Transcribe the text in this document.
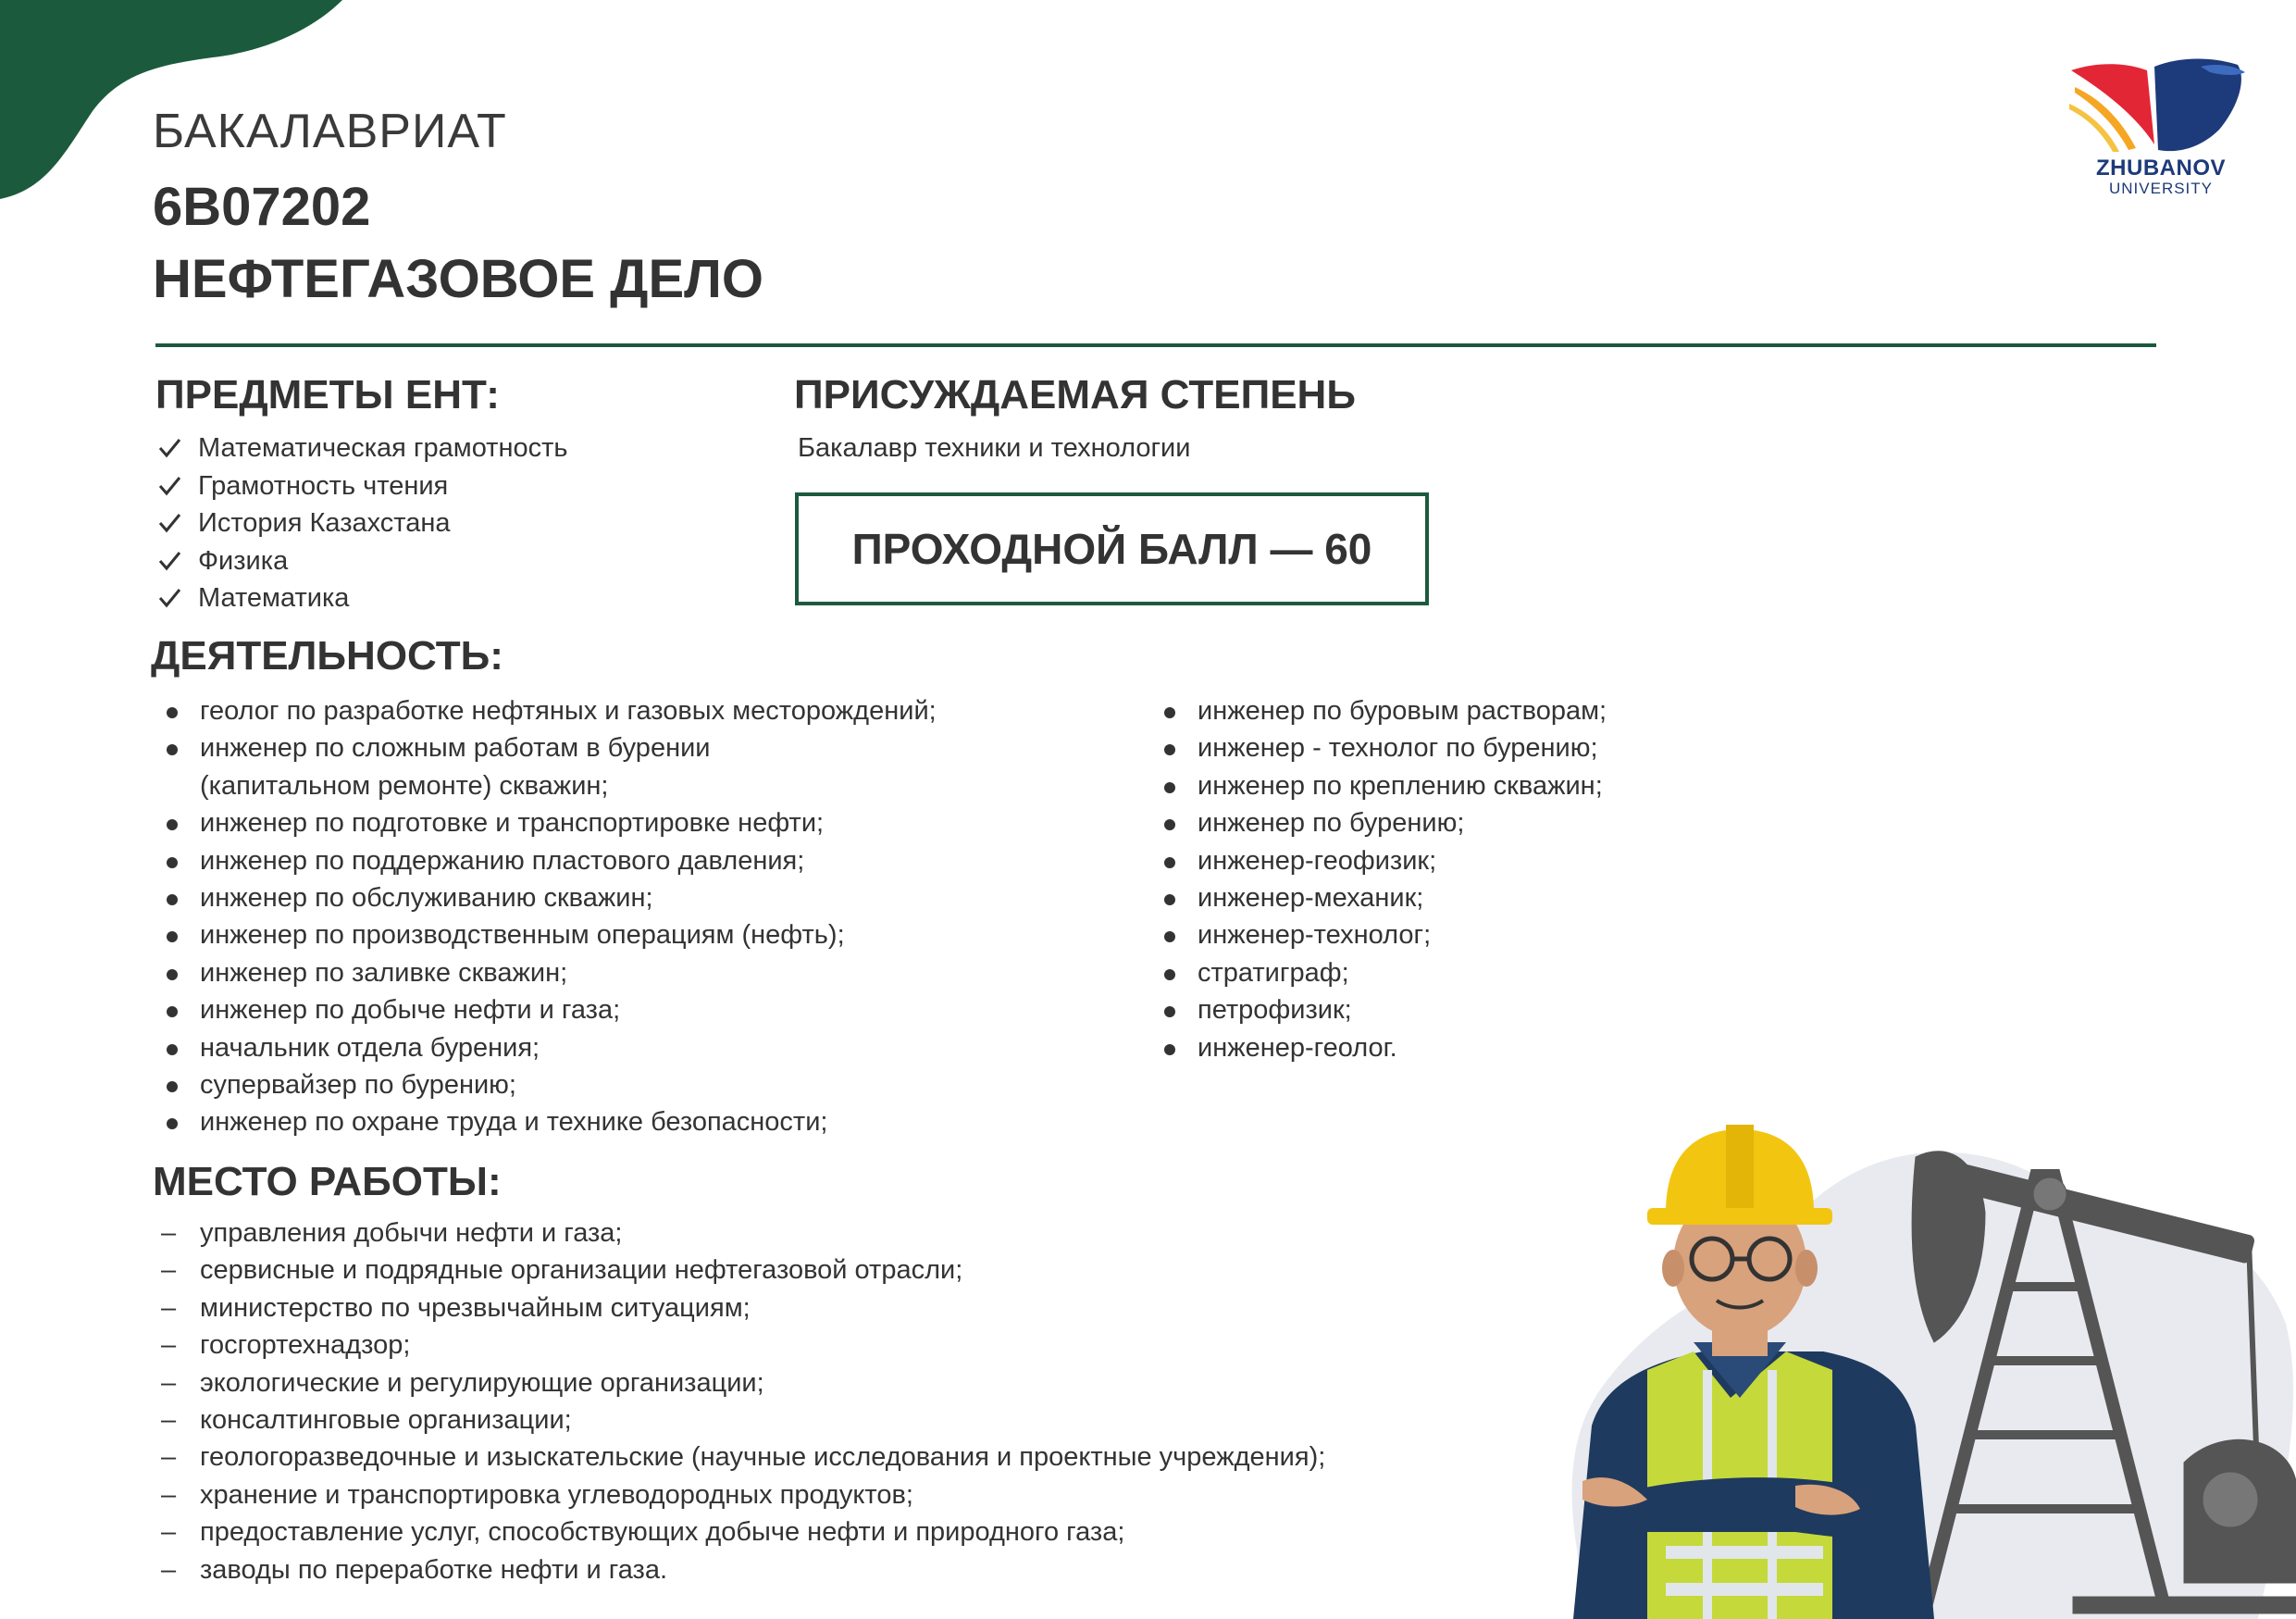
ZHUBANOV
UNIVERSITY
БАКАЛАВРИАТ
6B07202
НЕФТЕГАЗОВОЕ ДЕЛО
ПРЕДМЕТЫ ЕНТ:
Математическая грамотность
Грамотность чтения
История Казахстана
Физика
Математика
ПРИСУЖДАЕМАЯ СТЕПЕНЬ
Бакалавр техники и технологии
ПРОХОДНОЙ БАЛЛ — 60
ДЕЯТЕЛЬНОСТЬ:
геолог по разработке нефтяных и газовых месторождений;
инженер по сложным работам в бурении (капитальном ремонте) скважин;
инженер по подготовке и транспортировке нефти;
инженер по поддержанию пластового давления;
инженер по обслуживанию скважин;
инженер по производственным операциям (нефть);
инженер по заливке скважин;
инженер по добыче нефти и газа;
начальник отдела бурения;
супервайзер по бурению;
инженер по охране труда и технике безопасности;
инженер по буровым растворам;
инженер - технолог по бурению;
инженер по креплению скважин;
инженер по бурению;
инженер-геофизик;
инженер-механик;
инженер-технолог;
стратиграф;
петрофизик;
инженер-геолог.
МЕСТО РАБОТЫ:
– управления добычи нефти и газа;
– сервисные и подрядные организации нефтегазовой отрасли;
– министерство по чрезвычайным ситуациям;
– госгортехнадзор;
– экологические и регулирующие организации;
– консалтинговые организации;
– геологоразведочные и изыскательские (научные исследования и проектные учреждения);
– хранение и транспортировка углеводородных продуктов;
– предоставление услуг, способствующих добыче нефти и природного газа;
– заводы по переработке нефти и газа.
